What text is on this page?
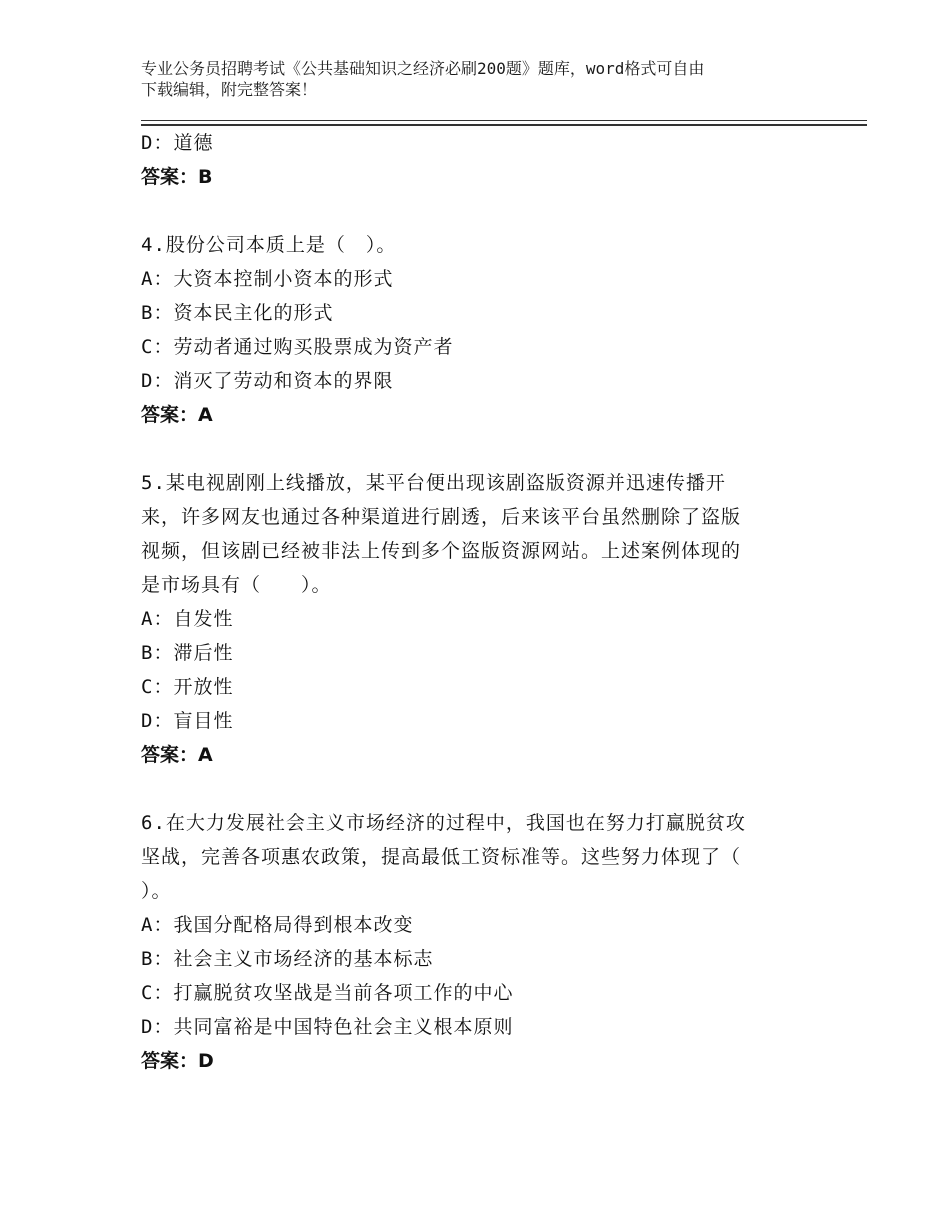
专业公务员招聘考试《公共基础知识之经济必刷200题》题库，word格式可自由
下载编辑，附完整答案！
D：道德
答案：B
4.股份公司本质上是（　）。
A：大资本控制小资本的形式
B：资本民主化的形式
C：劳动者通过购买股票成为资产者
D：消灭了劳动和资本的界限
答案：A
5.某电视剧刚上线播放，某平台便出现该剧盗版资源并迅速传播开
来，许多网友也通过各种渠道进行剧透，后来该平台虽然删除了盗版
视频，但该剧已经被非法上传到多个盗版资源网站。上述案例体现的
是市场具有（　　）。
A：自发性
B：滞后性
C：开放性
D：盲目性
答案：A
6.在大力发展社会主义市场经济的过程中，我国也在努力打赢脱贫攻
坚战，完善各项惠农政策，提高最低工资标准等。这些努力体现了（
）。
A：我国分配格局得到根本改变
B：社会主义市场经济的基本标志
C：打赢脱贫攻坚战是当前各项工作的中心
D：共同富裕是中国特色社会主义根本原则
答案：D
